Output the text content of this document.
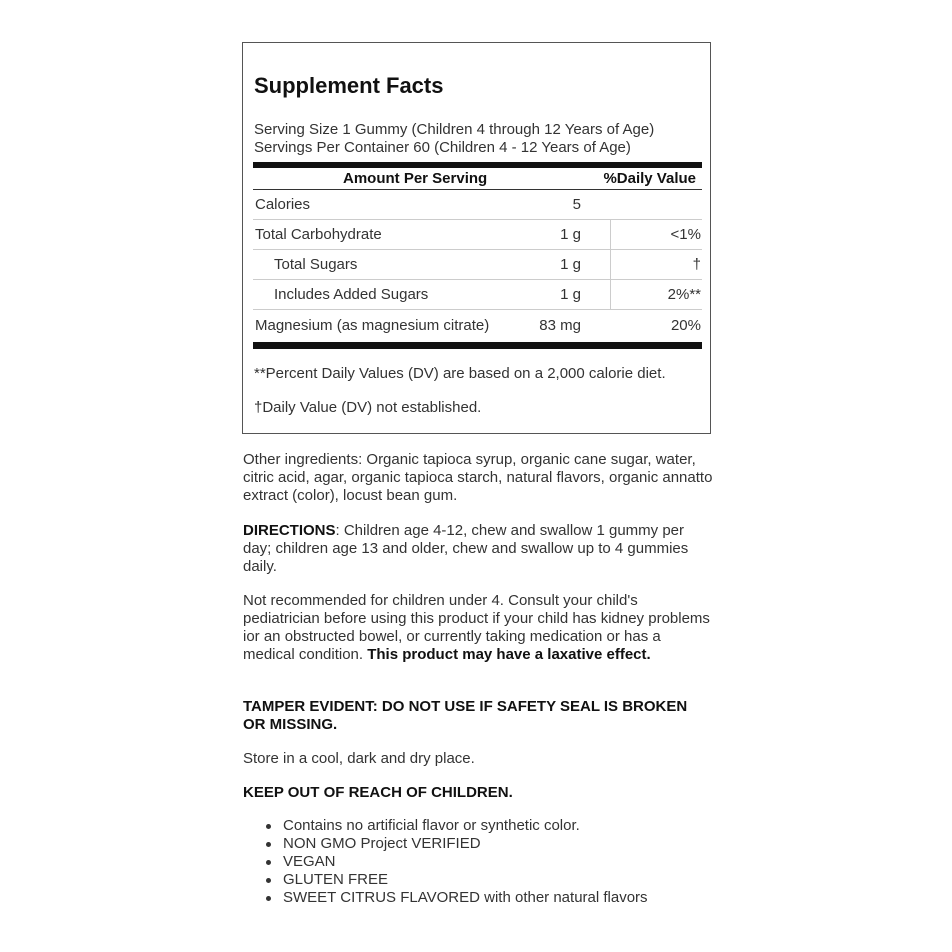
Supplement Facts
Serving Size 1 Gummy (Children 4 through 12 Years of Age)
Servings Per Container 60 (Children 4 - 12 Years of Age)
Amount Per Serving	%Daily Value
Calories	5
Total Carbohydrate	1 g	<1%
Total Sugars	1 g	†
Includes Added Sugars	1 g	2%**
Magnesium (as magnesium citrate)	83 mg	20%
**Percent Daily Values (DV) are based on a 2,000 calorie diet.
†Daily Value (DV) not established.
Other ingredients: Organic tapioca syrup, organic cane sugar, water, citric acid, agar, organic tapioca starch, natural flavors, organic annatto extract (color), locust bean gum.
DIRECTIONS: Children age 4-12, chew and swallow 1 gummy per day; children age 13 and older, chew and swallow up to 4 gummies daily.
Not recommended for children under 4. Consult your child's pediatrician before using this product if your child has kidney problems ior an obstructed bowel, or currently taking medication or has a medical condition. This product may have a laxative effect.
TAMPER EVIDENT: DO NOT USE IF SAFETY SEAL IS BROKEN OR MISSING.
Store in a cool, dark and dry place.
KEEP OUT OF REACH OF CHILDREN.
Contains no artificial flavor or synthetic color.
NON GMO Project VERIFIED
VEGAN
GLUTEN FREE
SWEET CITRUS FLAVORED with other natural flavors
